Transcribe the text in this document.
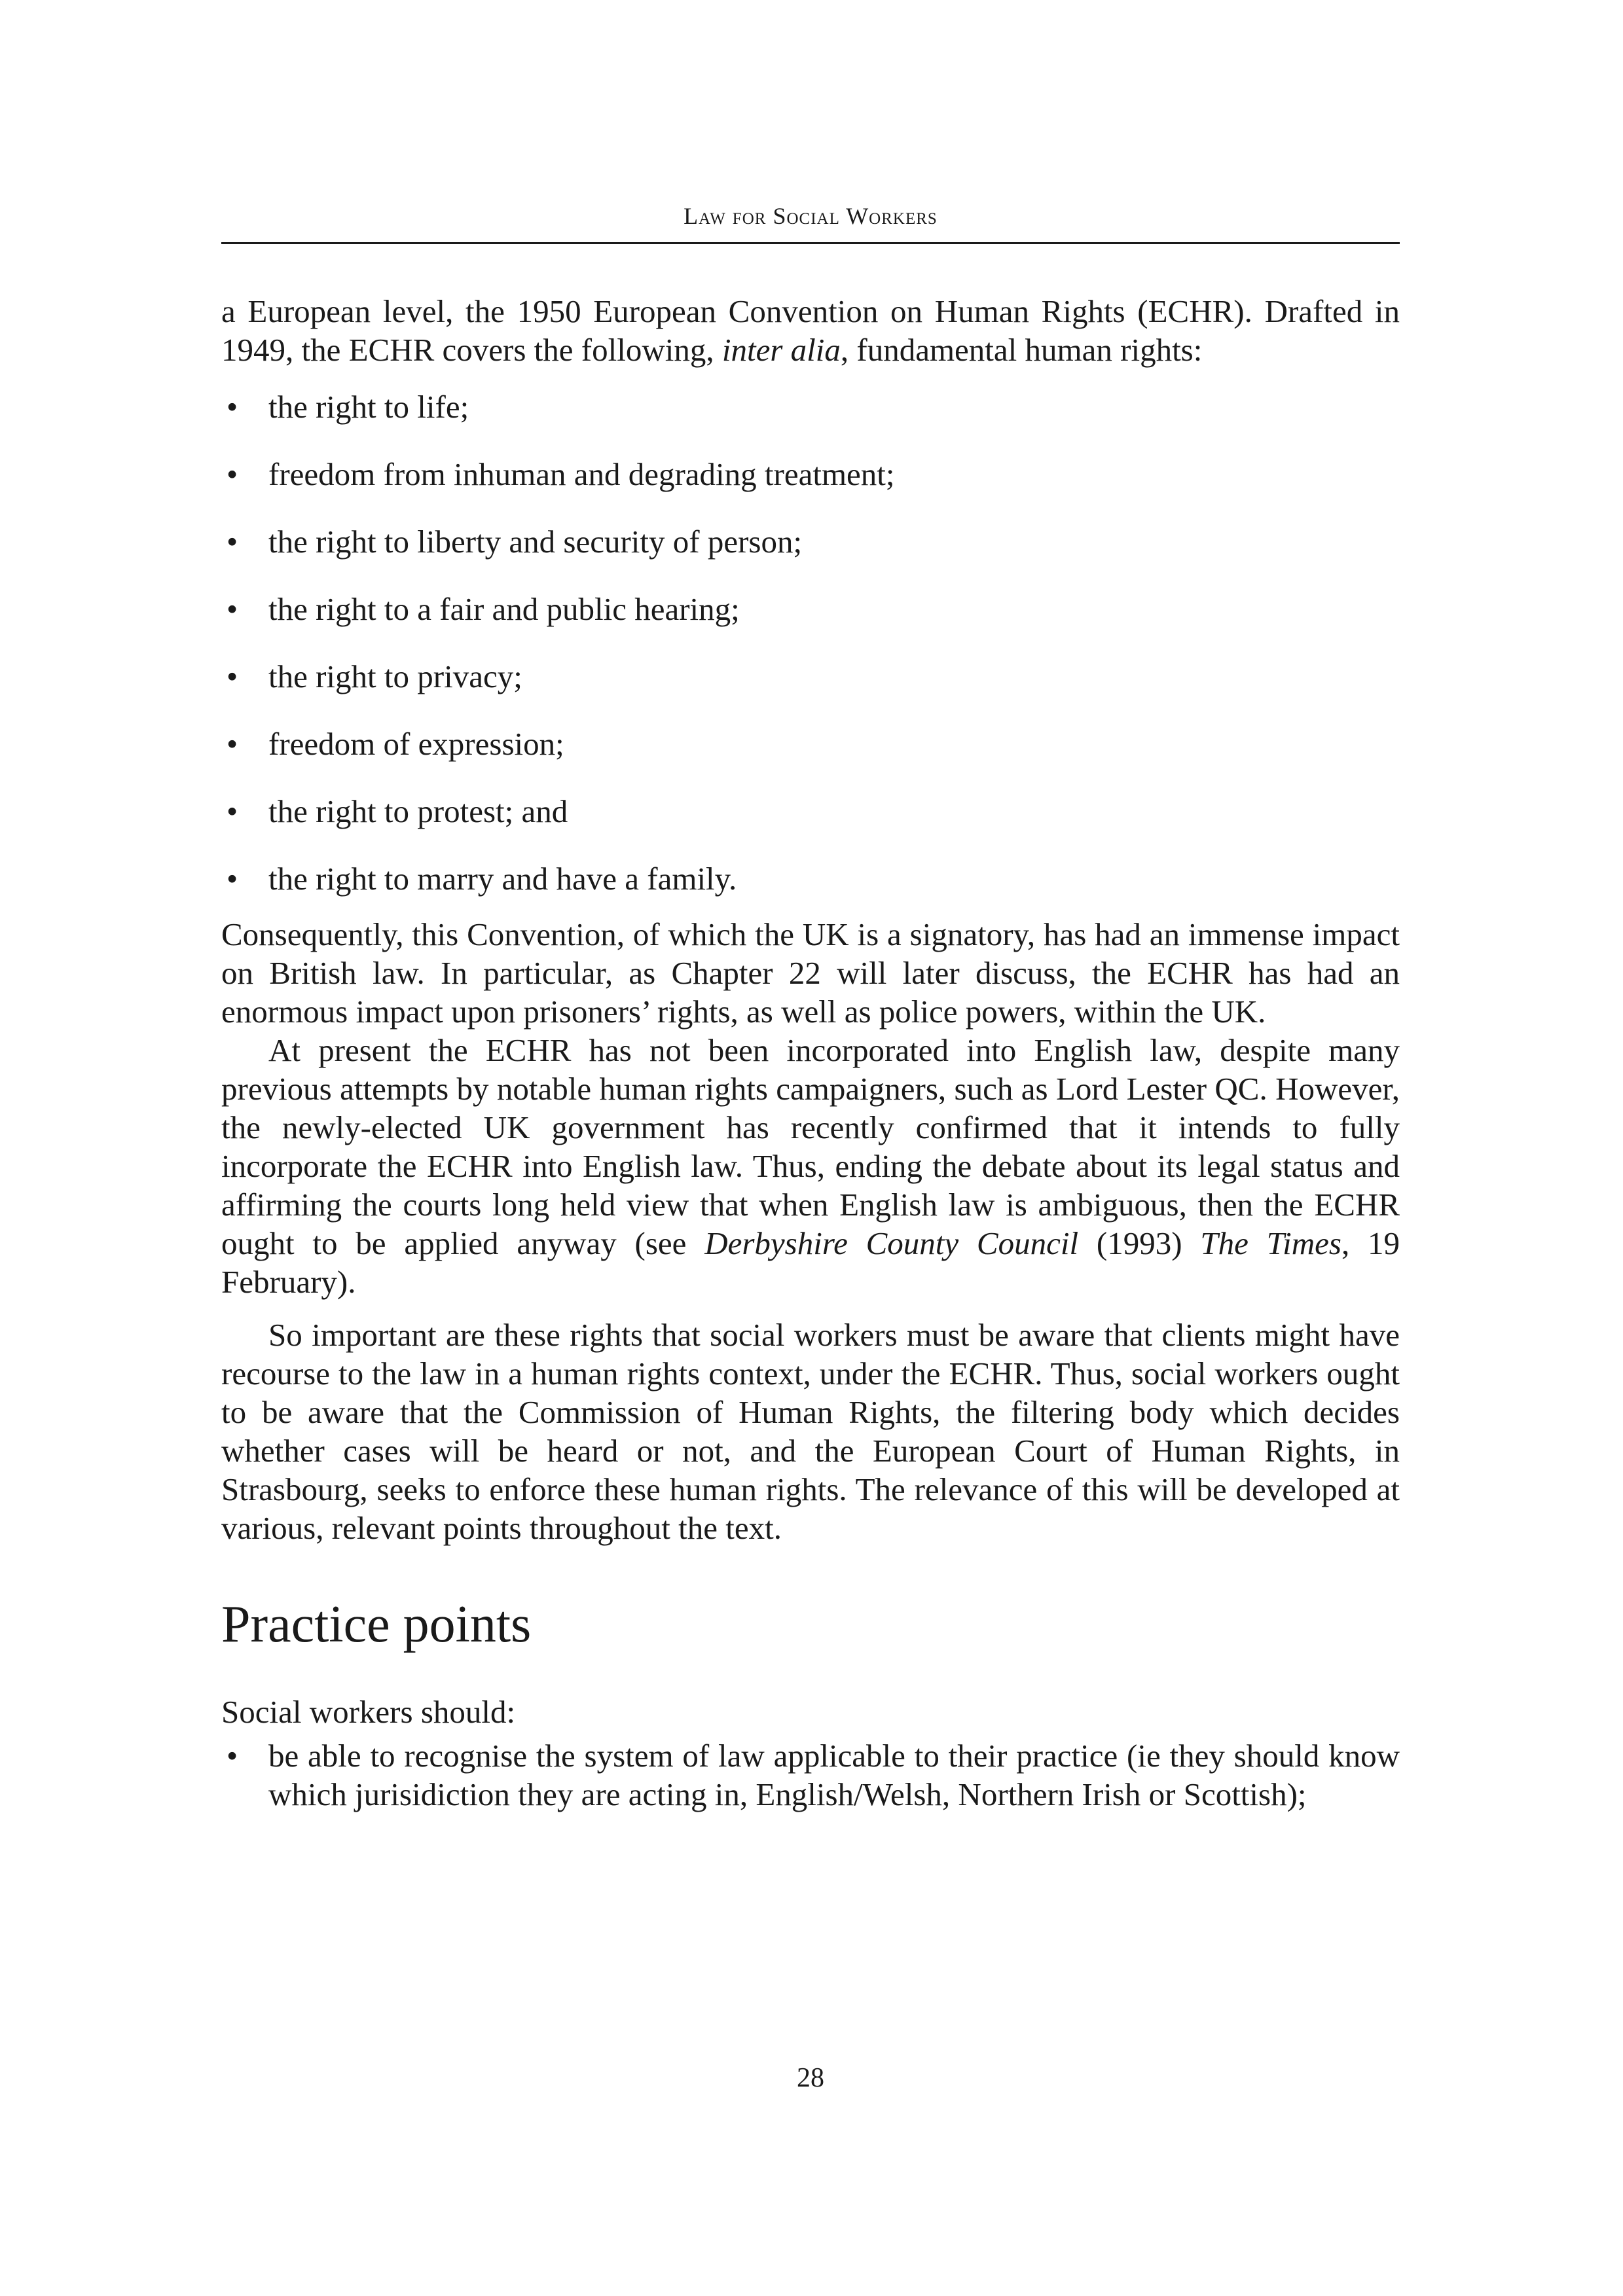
Law for Social Workers

a European level, the 1950 European Convention on Human Rights (ECHR). Drafted in 1949, the ECHR covers the following, inter alia, fundamental human rights:

• the right to life;
• freedom from inhuman and degrading treatment;
• the right to liberty and security of person;
• the right to a fair and public hearing;
• the right to privacy;
• freedom of expression;
• the right to protest; and
• the right to marry and have a family.

Consequently, this Convention, of which the UK is a signatory, has had an immense impact on British law. In particular, as Chapter 22 will later discuss, the ECHR has had an enormous impact upon prisoners’ rights, as well as police powers, within the UK.

At present the ECHR has not been incorporated into English law, despite many previous attempts by notable human rights campaigners, such as Lord Lester QC. However, the newly-elected UK government has recently confirmed that it intends to fully incorporate the ECHR into English law. Thus, ending the debate about its legal status and affirming the courts long held view that when English law is ambiguous, then the ECHR ought to be applied anyway (see Derbyshire County Council (1993) The Times, 19 February).

So important are these rights that social workers must be aware that clients might have recourse to the law in a human rights context, under the ECHR. Thus, social workers ought to be aware that the Commission of Human Rights, the filtering body which decides whether cases will be heard or not, and the European Court of Human Rights, in Strasbourg, seeks to enforce these human rights. The relevance of this will be developed at various, relevant points throughout the text.

Practice points

Social workers should:

• be able to recognise the system of law applicable to their practice (ie they should know which jurisidiction they are acting in, English/Welsh, Northern Irish or Scottish);
28
